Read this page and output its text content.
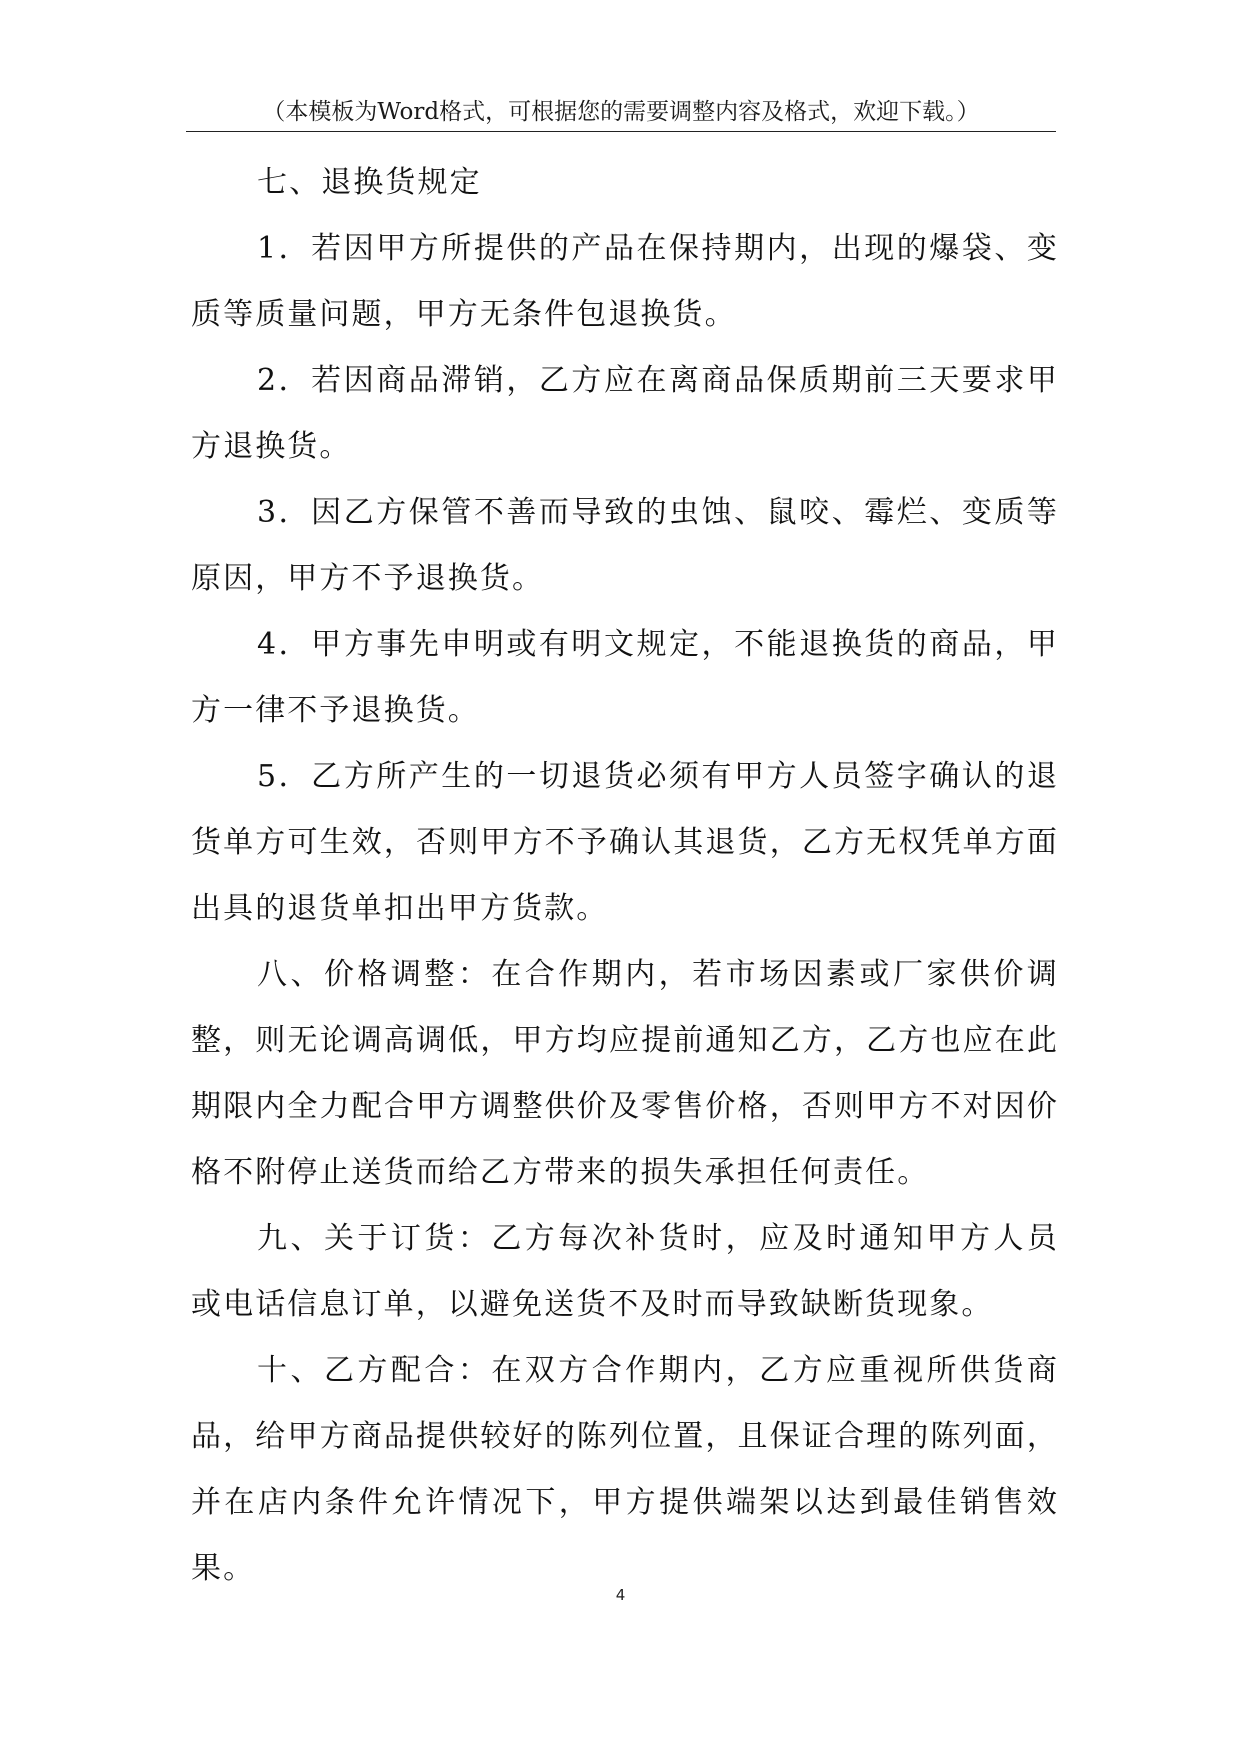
（本模板为Word格式，可根据您的需要调整内容及格式，欢迎下载。）

七、退换货规定

1．若因甲方所提供的产品在保持期内，出现的爆袋、变质等质量问题，甲方无条件包退换货。

2．若因商品滞销，乙方应在离商品保质期前三天要求甲方退换货。

3．因乙方保管不善而导致的虫蚀、鼠咬、霉烂、变质等原因，甲方不予退换货。

4．甲方事先申明或有明文规定，不能退换货的商品，甲方一律不予退换货。

5．乙方所产生的一切退货必须有甲方人员签字确认的退货单方可生效，否则甲方不予确认其退货，乙方无权凭单方面出具的退货单扣出甲方货款。

八、价格调整：在合作期内，若市场因素或厂家供价调整，则无论调高调低，甲方均应提前通知乙方，乙方也应在此期限内全力配合甲方调整供价及零售价格，否则甲方不对因价格不附停止送货而给乙方带来的损失承担任何责任。

九、关于订货：乙方每次补货时，应及时通知甲方人员或电话信息订单，以避免送货不及时而导致缺断货现象。

十、乙方配合：在双方合作期内，乙方应重视所供货商品，给甲方商品提供较好的陈列位置，且保证合理的陈列面，并在店内条件允许情况下，甲方提供端架以达到最佳销售效果。

4
